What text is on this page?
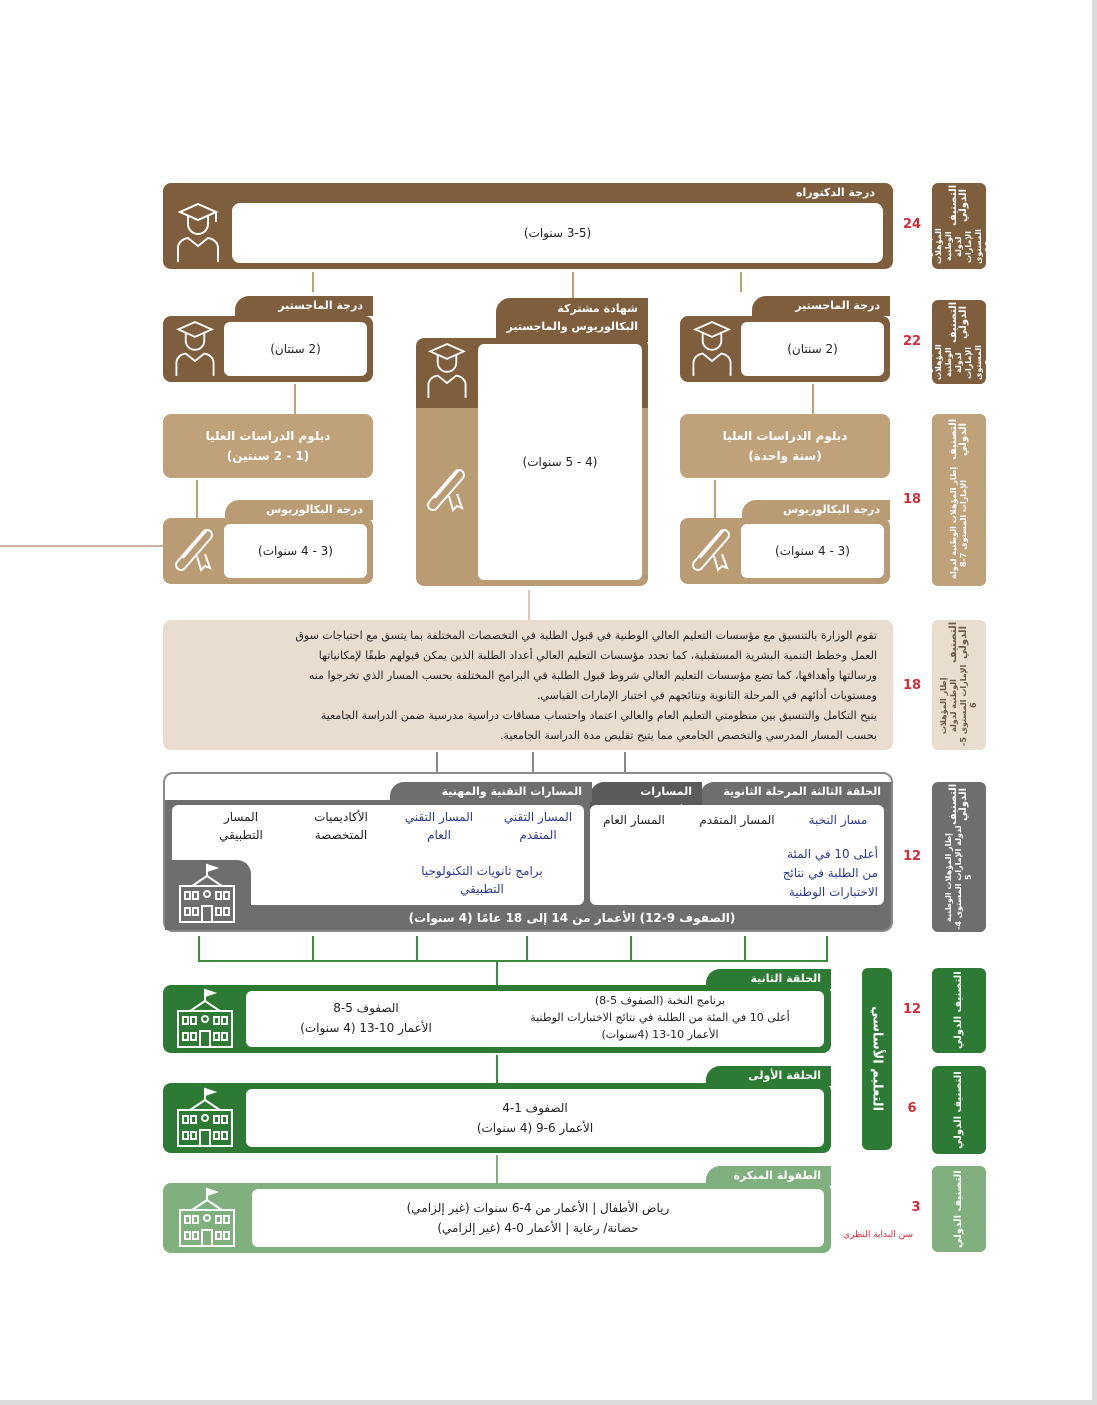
درجة الدكتوراه
(3-5 سنوات)
درجة الماجستير
(2 سنتان)
درجة الماجستير
(2 سنتان)
شهادة مشتركة
البكالوريوس والماجستير
(4 - 5 سنوات)
دبلوم الدراسات العليا
(1 - 2 سنتين)
دبلوم الدراسات العليا
(سنة واحدة)
درجة البكالوريوس
(3 - 4 سنوات)
درجة البكالوريوس
(3 - 4 سنوات)
تقوم الوزارة بالتنسيق مع مؤسسات التعليم العالي الوطنية في قبول الطلبة في التخصصات المختلفة بما يتسق مع احتياجات سوق
العمل وخطط التنمية البشرية المستقبلية، كما تحدد مؤسسات التعليم العالي أعداد الطلبة الذين يمكن قبولهم طبقًا لإمكانياتها
ورسالتها وأهدافها، كما تضع مؤسسات التعليم العالي شروط قبول الطلبة في البرامج المختلفة بحسب المسار الذي تخرجوا منه
ومستويات أدائهم في المرحلة الثانوية ونتائجهم في اختبار الإمارات القياسي.
يتيح التكامل والتنسيق بين منظومتي التعليم العام والعالي اعتماد واحتساب مساقات دراسية مدرسية ضمن الدراسة الجامعية
بحسب المسار المدرسي والتخصص الجامعي مما يتيح تقليص مدة الدراسة الجامعية.
الحلقة الثالثة المرحلة الثانوية
المسارات
المسارات التقنية والمهنية
مسار النخبة
المسار المتقدم
المسار العام
أعلى 10 في المئة
من الطلبة في نتائج
الاختبارات الوطنية
المسار التقني
المتقدم
المسار التقني
العام
الأكاديميات
المتخصصة
المسار
التطبيقي
برامج ثانويات التكنولوجيا
التطبيقي
(الصفوف 9-12) الأعمار من 14 إلى 18 عامًا (4 سنوات)
الحلقة الثانية
برنامج النخبة (الصفوف 5-8)
أعلى 10 في المئة من الطلبة في نتائج الاختبارات الوطنية
الأعمار 10-13 (4سنوات)
الصفوف 5-8
الأعمار 10-13 (4 سنوات)
الحلقة الأولى
الصفوف 1-4
الأعمار 6-9 (4 سنوات)
الطفولة المبكرة
رياض الأطفال | الأعمار من 4-6 سنوات (غير إلزامي)
حضانة/ رعاية | الأعمار 0-4 (غير إلزامي)
التعليم الأساسي
التصنيف الدولي
إطار المؤهلات الوطنية لدولة الإمارات المستوى 10
24
التصنيف الدولي
إطار المؤهلات الوطنية لدولة الإمارات المستوى 9
22
التصنيف الدولي
إطار المؤهلات الوطنية لدولة الإمارات المستوى 7-8
18
التصنيف الدولي
إطار المؤهلات الوطنية لدولة الإمارات المستوى 5-6
18
التصنيف الدولي
إطار المؤهلات الوطنية لدولة الإمارات المستوى 4-5
12
التصنيف الدولي
12
التصنيف الدولي
6
التصنيف الدولي
3
سن البداية النظري
